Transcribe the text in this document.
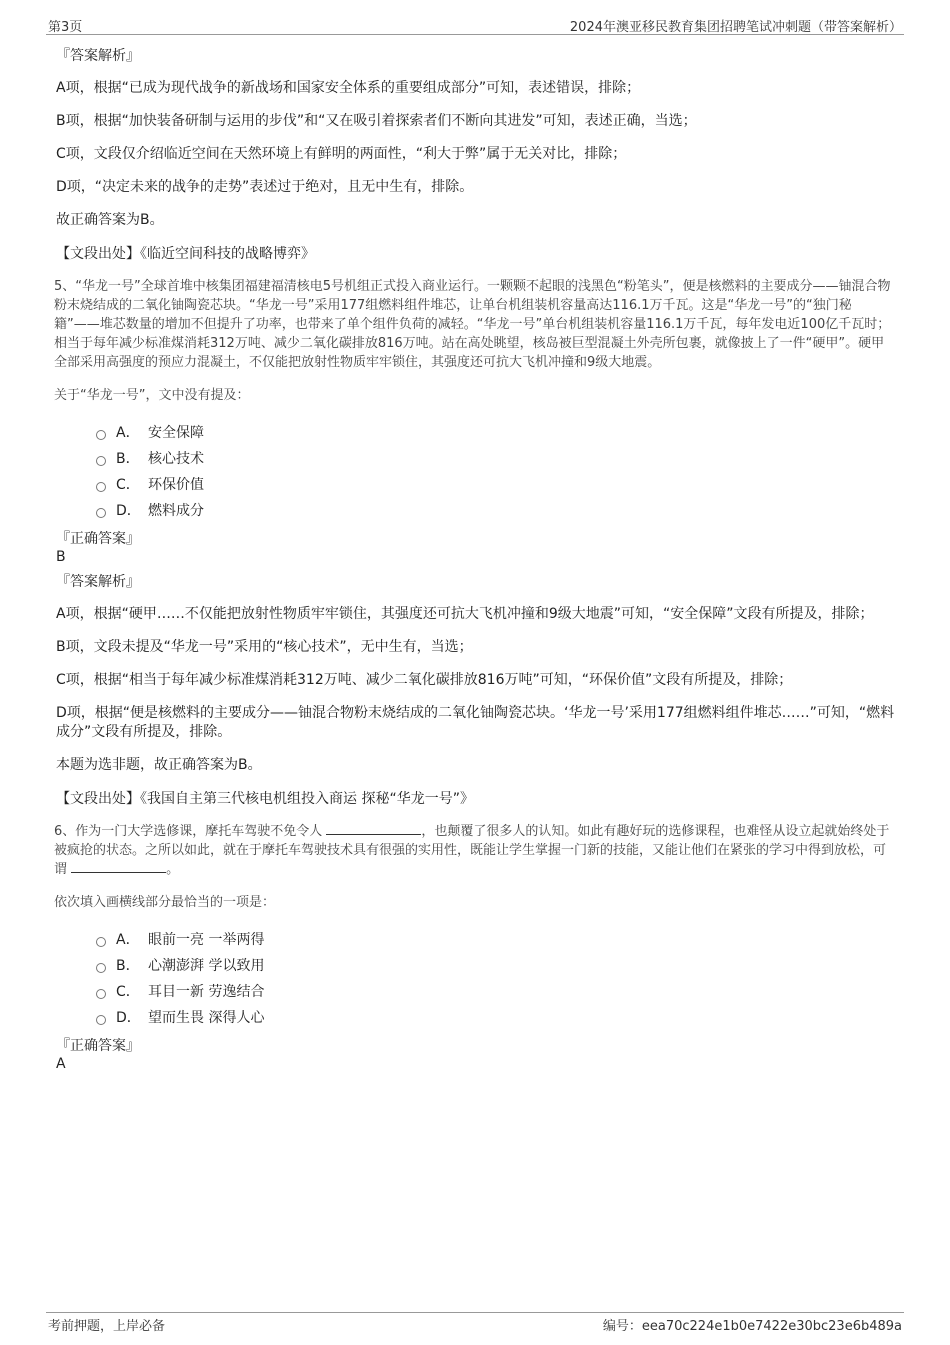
第3页	2024年澳亚移民教育集团招聘笔试冲刺题（带答案解析）

『答案解析』

A项，根据“已成为现代战争的新战场和国家安全体系的重要组成部分”可知，表述错误，排除；

B项，根据“加快装备研制与运用的步伐”和“又在吸引着探索者们不断向其进发”可知，表述正确，当选；

C项，文段仅介绍临近空间在天然环境上有鲜明的两面性，“利大于弊”属于无关对比，排除；

D项，“决定未来的战争的走势”表述过于绝对，且无中生有，排除。

故正确答案为B。

【文段出处】《临近空间科技的战略博弈》

5、“华龙一号”全球首堆中核集团福建福清核电5号机组正式投入商业运行。一颗颗不起眼的浅黑色“粉笔头”，便是核燃料的主要成分——铀混合物粉末烧结成的二氧化铀陶瓷芯块。“华龙一号”采用177组燃料组件堆芯，让单台机组装机容量高达116.1万千瓦。这是“华龙一号”的“独门秘籍”——堆芯数量的增加不但提升了功率，也带来了单个组件负荷的减轻。“华龙一号”单台机组装机容量116.1万千瓦，每年发电近100亿千瓦时；相当于每年减少标准煤消耗312万吨、减少二氧化碳排放816万吨。站在高处眺望，核岛被巨型混凝土外壳所包裹，就像披上了一件“硬甲”。硬甲全部采用高强度的预应力混凝土，不仅能把放射性物质牢牢锁住，其强度还可抗大飞机冲撞和9级大地震。

关于“华龙一号”，文中没有提及：

A． 安全保障
B． 核心技术
C． 环保价值
D． 燃料成分

『正确答案』

B

『答案解析』

A项，根据“硬甲……不仅能把放射性物质牢牢锁住，其强度还可抗大飞机冲撞和9级大地震”可知，“安全保障”文段有所提及，排除；

B项，文段未提及“华龙一号”采用的“核心技术”，无中生有，当选；

C项，根据“相当于每年减少标准煤消耗312万吨、减少二氧化碳排放816万吨”可知，“环保价值”文段有所提及，排除；

D项，根据“便是核燃料的主要成分——铀混合物粉末烧结成的二氧化铀陶瓷芯块。‘华龙一号’采用177组燃料组件堆芯……”可知，“燃料成分”文段有所提及，排除。

本题为选非题，故正确答案为B。

【文段出处】《我国自主第三代核电机组投入商运 探秘“华龙一号”》

6、作为一门大学选修课，摩托车驾驶不免令人	，也颠覆了很多人的认知。如此有趣好玩的选修课程，也难怪从设立起就始终处于被疯抢的状态。之所以如此，就在于摩托车驾驶技术具有很强的实用性，既能让学生掌握一门新的技能，又能让他们在紧张的学习中得到放松，可谓	。

依次填入画横线部分最恰当的一项是：

A． 眼前一亮 一举两得
B． 心潮澎湃 学以致用
C． 耳目一新 劳逸结合
D． 望而生畏 深得人心

『正确答案』

A

考前押题，上岸必备	编号：eea70c224e1b0e7422e30bc23e6b489a
